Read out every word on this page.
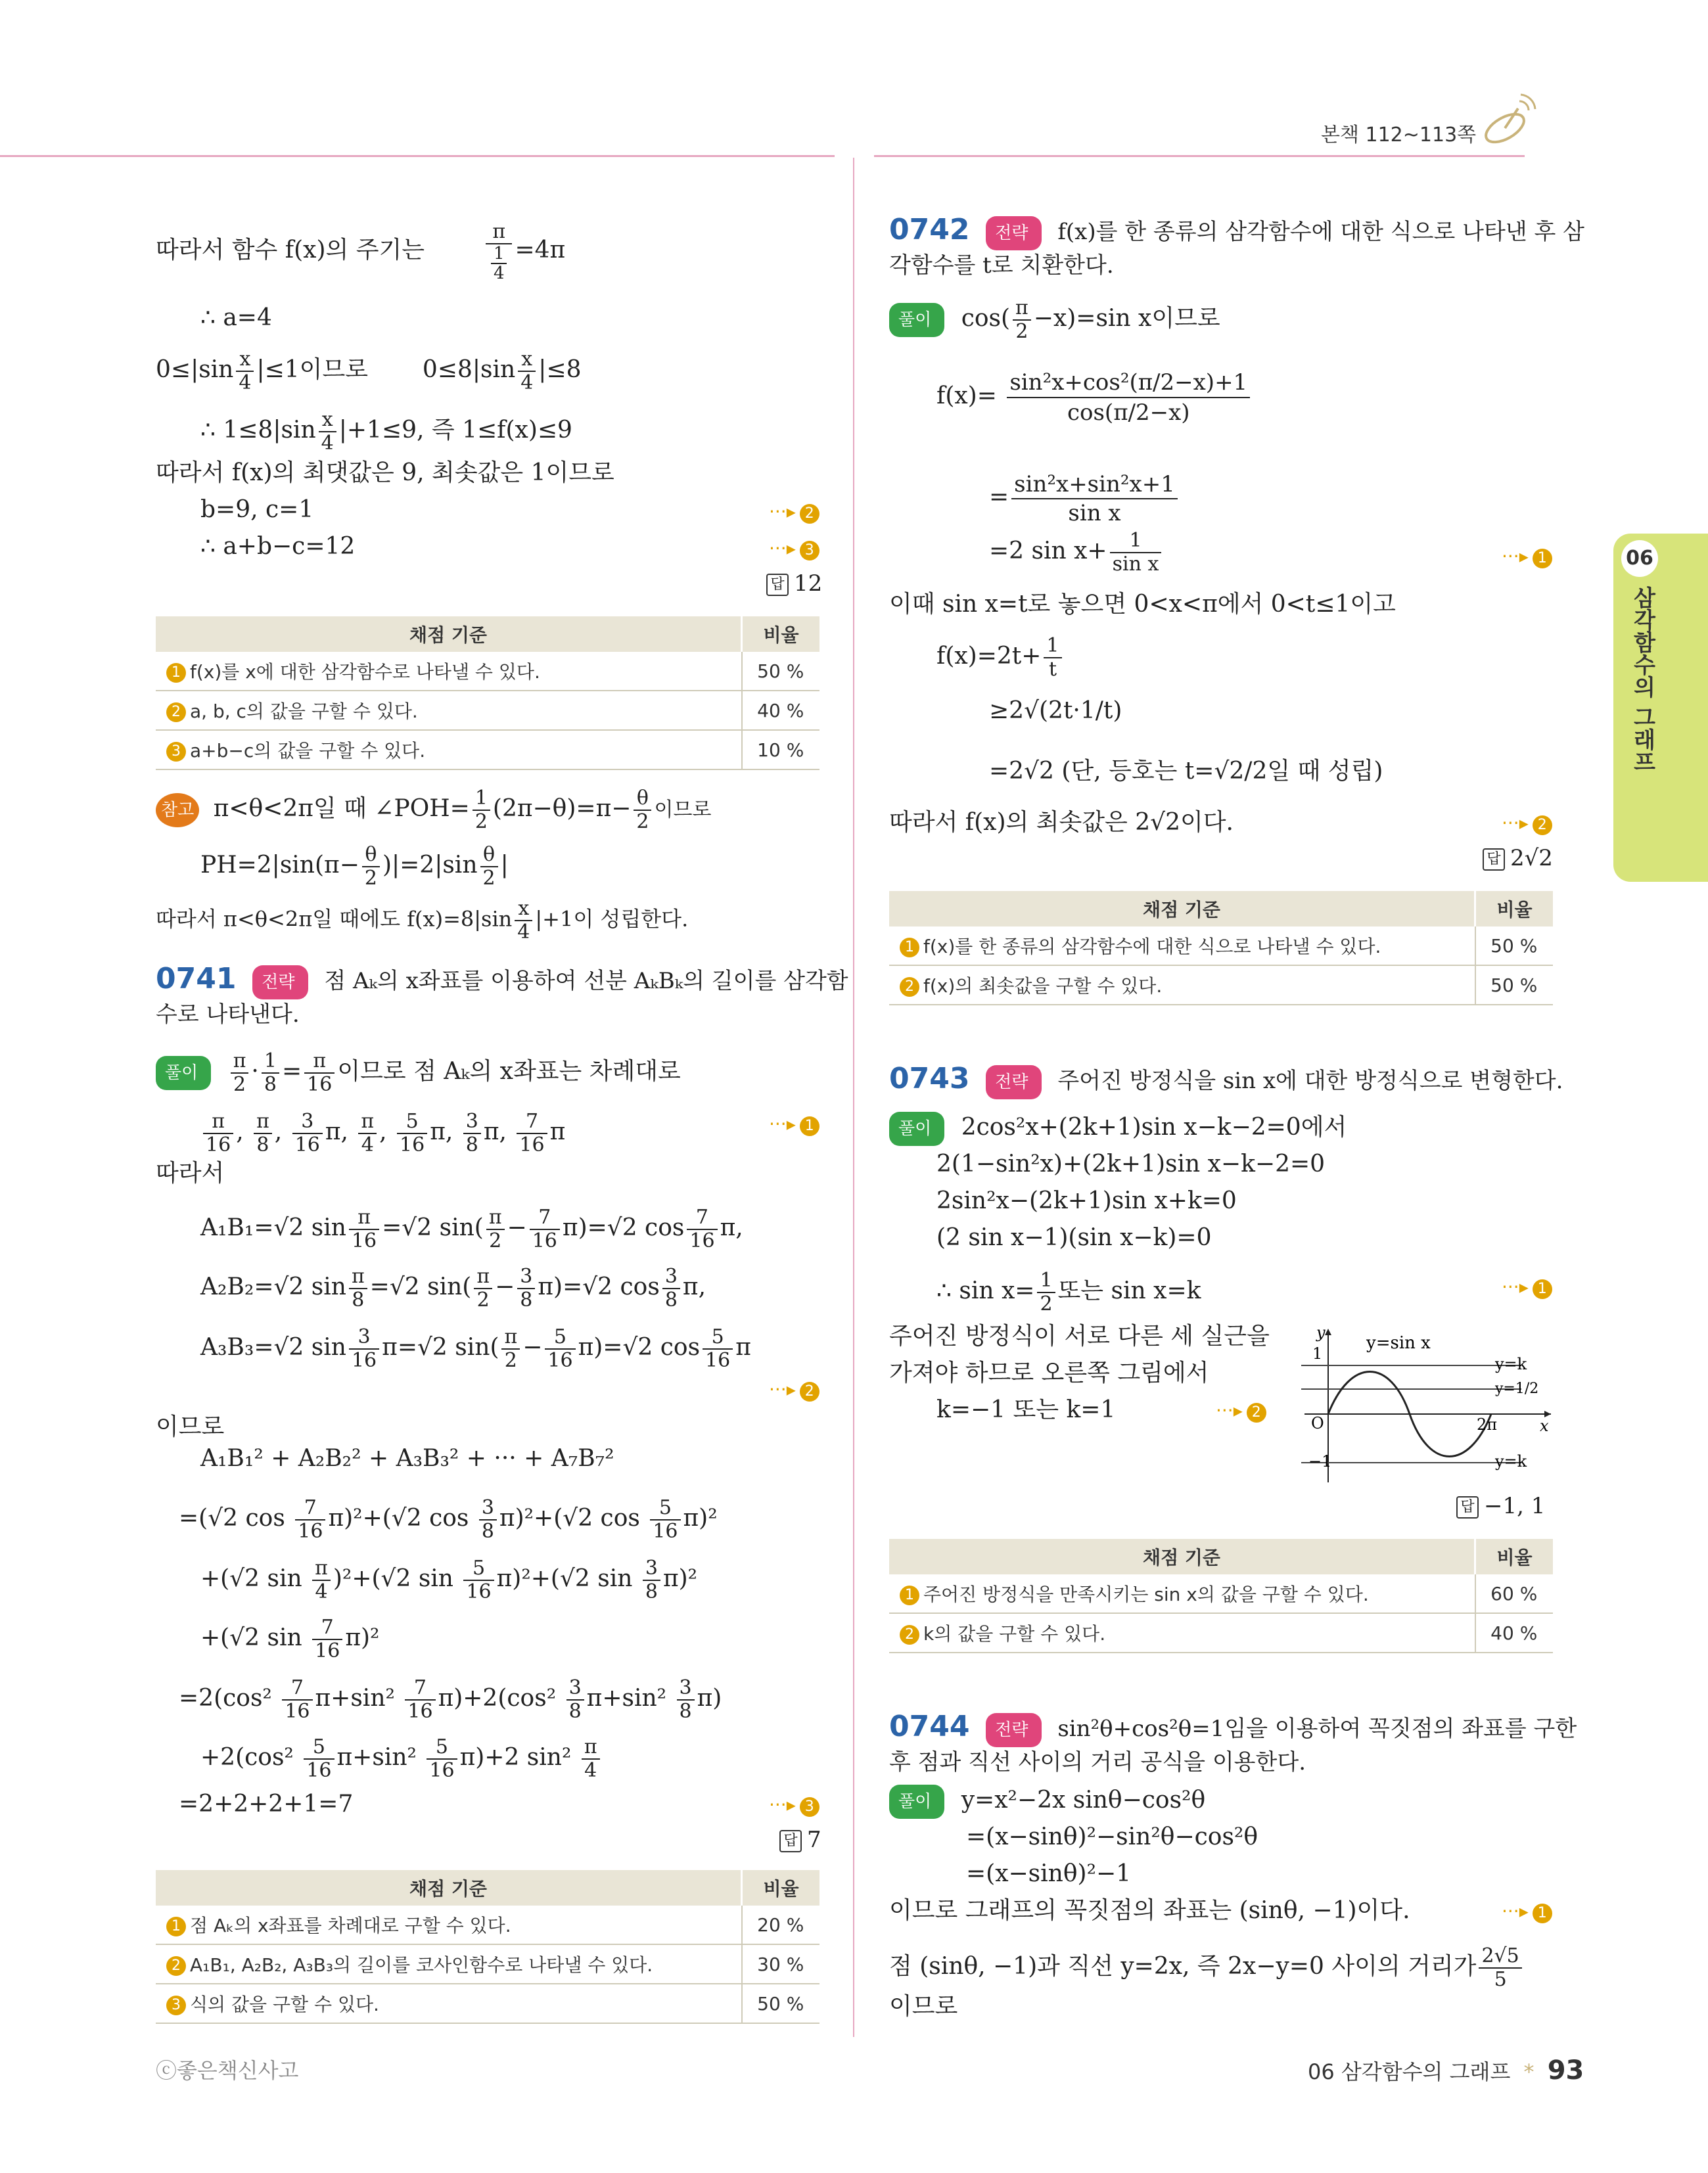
본책 112~113쪽
06
삼각함수의 그래프
따라서 함수 f(x)의 주기는	$\frac{\pi}{\frac{1}{4}} =4\pi$
∴ a=4
$0\le|\sin \frac{x}{4} |\le 1$이므로 $0\le 8|\sin \frac{x}{4} |\le 8$
∴ $1\le 8|\sin \frac{x}{4} |+1\le 9$, 즉 1≤f(x)≤9
따라서 f(x)의 최댓값은 9, 최솟값은 1이므로
b=9, c=1	···▸ 2
∴ a+b−c=12	···▸ 3
답 12
채점 기준	비율
1 f(x)를 x에 대한 삼각함수로 나타낼 수 있다.	50 %
2 a, b, c의 값을 구할 수 있다.	40 %
3 a+b−c의 값을 구할 수 있다.	10 %
참고 π<θ<2π일 때 ∠POH= $\frac{1}{2} (2\pi-\theta)=\pi- \frac{\theta}{2}$ 이므로
$PH=2|\sin(\pi- \frac{\theta}{2} )|=2|\sin \frac{\theta}{2}$ |
따라서 π<θ<2π일 때에도 $f(x)=8|\sin \frac{x}{4} |+1$이 성립한다.
0741 전략 점 Aₖ의 x좌표를 이용하여 선분 AₖBₖ의 길이를 삼각함
수로 나타낸다.
풀이 $\frac{\pi}{2} \cdot \frac{1}{8} = \frac{\pi}{16}$ 이므로 점 Aₖ의 x좌표는 차례대로
$\frac{\pi}{16}$ , $\frac{\pi}{8}$ , $\frac{3}{16} \pi$, $\frac{\pi}{4}$ , $\frac{5}{16} \pi$, $\frac{3}{8} \pi$, $\frac{7}{16}$ π	···▸ 1
따라서
A₁B₁=√2 $\sin \frac{\pi}{16} =√2$ $\sin( \frac{\pi}{2} - \frac{7}{16} \pi)=√2$ $\cos \frac{7}{16} \pi$,
A₂B₂=√2 $\sin \frac{\pi}{8} =√2$ $\sin( \frac{\pi}{2} - \frac{3}{8} \pi)=√2$ $\cos \frac{3}{8} \pi$,
A₃B₃=√2 $\sin \frac{3}{16} \pi=√2$ $\sin( \frac{\pi}{2} - \frac{5}{16} \pi)=√2$ $\cos \frac{5}{16}$ π
···▸ 2
이므로
A₁B₁² + A₂B₂² + A₃B₃² + ··· + A₇B₇²
=(√2 $\cos \frac{7}{16} \pi)^2+(√2$ $\cos \frac{3}{8} \pi)^2+(√2$ $\cos \frac{5}{16} \pi)^2$
+(√2 $\sin \frac{\pi}{4} )^2+(√2$ $\sin \frac{5}{16} \pi)^2+(√2$ $\sin \frac{3}{8} \pi)^2$
+(√2 $\sin \frac{7}{16} \pi)^2$
$=2(\cos^2 \frac{7}{16} \pi+\sin^2 \frac{7}{16} \pi)+2(\cos^2 \frac{3}{8} \pi+\sin^2 \frac{3}{8} \pi)$
$+2(\cos^2 \frac{5}{16} \pi+\sin^2 \frac{5}{16} \pi)+2$ $\sin^2 \frac{\pi}{4}$
=2+2+2+1=7	···▸ 3
답 7
채점 기준	비율
1 점 Aₖ의 x좌표를 차례대로 구할 수 있다.	20 %
2 A₁B₁, A₂B₂, A₃B₃의 길이를 코사인함수로 나타낼 수 있다.	30 %
3 식의 값을 구할 수 있다.	50 %
0742 전략 f(x)를 한 종류의 삼각함수에 대한 식으로 나타낸 후 삼
각함수를 t로 치환한다.
풀이 $\cos( \frac{\pi}{2} -x)=\sin$ x이므로
$f(x)= \frac{\text{sin²x+cos²(π/2−x)+1}}{\cos(\pi/2-x)}$
= $\frac{\text{sin²x+sin²x+1}}{\text{sin x}}$
=2 $\sin x+ \frac{1}{\text{sin x}}$	···▸ 1
이때 sin x=t로 놓으면 0<x<π에서 0<t≤1이고
$f(x)=2t+ \frac{1}{t}$
≥2√(2t·1/t)
=2√2 (단, 등호는 t=√2/2일 때 성립)
따라서 f(x)의 최솟값은 2√2이다.	···▸ 2
답 2√2
채점 기준	비율
1 f(x)를 한 종류의 삼각함수에 대한 식으로 나타낼 수 있다.	50 %
2 f(x)의 최솟값을 구할 수 있다.	50 %
0743 전략 주어진 방정식을 sin x에 대한 방정식으로 변형한다.
풀이 2cos²x+(2k+1)sin x−k−2=0에서
2(1−sin²x)+(2k+1)sin x−k−2=0
2sin²x−(2k+1)sin x+k=0
(2 sin x−1)(sin x−k)=0
∴ $\sin x= \frac{1}{2}$ 또는 sin x=k	···▸ 1
주어진 방정식이 서로 다른 세 실근을
가져야 하므로 오른쪽 그림에서
k=−1 또는 k=1	···▸ 2
y
1
−1
O
y=sin x
y=k
y=1/2
y=k
2π	x
답 −1, 1
채점 기준	비율
1 주어진 방정식을 만족시키는 sin x의 값을 구할 수 있다.	60 %
2 k의 값을 구할 수 있다.	40 %
0744 전략 sin²θ+cos²θ=1임을 이용하여 꼭짓점의 좌표를 구한
후 점과 직선 사이의 거리 공식을 이용한다.
풀이 y=x²−2x sinθ−cos²θ
=(x−sinθ)²−sin²θ−cos²θ
=(x−sinθ)²−1
이므로 그래프의 꼭짓점의 좌표는 (sinθ, −1)이다.	···▸ 1
점 (sinθ, −1)과 직선 y=2x, 즉 2x−y=0 사이의 거리가 $\frac{2√5}{5}$
이므로
ⓒ좋은책신사고	06 삼각함수의 그래프 * 93
